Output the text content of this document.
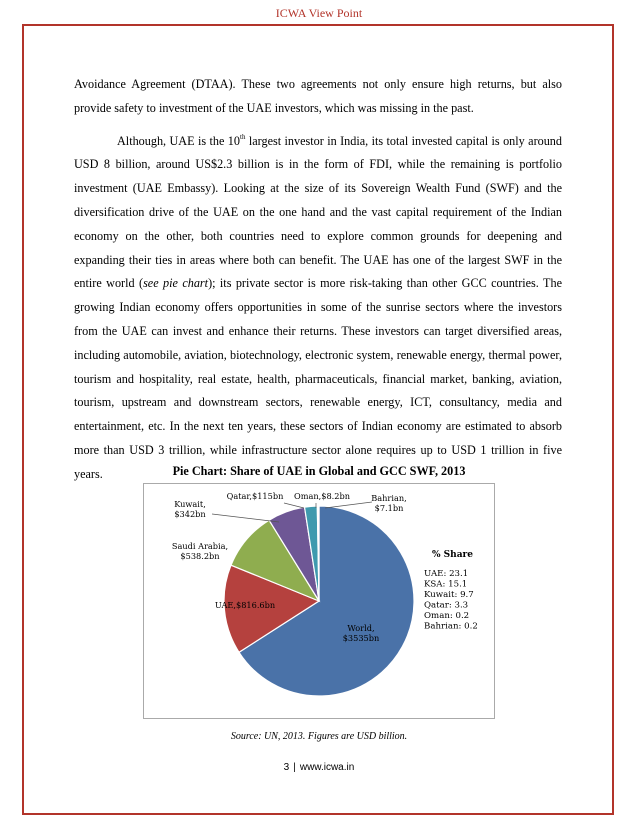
ICWA View Point

Avoidance Agreement (DTAA). These two agreements not only ensure high returns, but also provide safety to investment of the UAE investors, which was missing in the past.

Although, UAE is the 10th largest investor in India, its total invested capital is only around USD 8 billion, around US$2.3 billion is in the form of FDI, while the remaining is portfolio investment (UAE Embassy). Looking at the size of its Sovereign Wealth Fund (SWF) and the diversification drive of the UAE on the one hand and the vast capital requirement of the Indian economy on the other, both countries need to explore common grounds for deepening and expanding their ties in areas where both can benefit. The UAE has one of the largest SWF in the entire world (see pie chart); its private sector is more risk-taking than other GCC countries. The growing Indian economy offers opportunities in some of the sunrise sectors where the investors from the UAE can invest and enhance their returns. These investors can target diversified areas, including automobile, aviation, biotechnology, electronic system, renewable energy, thermal power, tourism and hospitality, real estate, health, pharmaceuticals, financial market, banking, aviation, tourism, upstream and downstream sectors, renewable energy, ICT, consultancy, media and entertainment, etc. In the next ten years, these sectors of Indian economy are estimated to absorb more than USD 3 trillion, while infrastructure sector alone requires up to USD 1 trillion in five years.	Pie Chart: Share of UAE in Global and GCC SWF, 2013
World, $3535bn
UAE,$816.6bn
Saudi Arabia, $538.2bn
Kuwait, $342bn
Qatar,$115bn Oman,$8.2bn	Bahrian, $7.1bn
% Share
UAE: 23.1
KSA: 15.1
Kuwait: 9.7
Qatar: 3.3
Oman: 0.2
Bahrian: 0.2
Source: UN, 2013. Figures are USD billion.
3 | www.icwa.in
